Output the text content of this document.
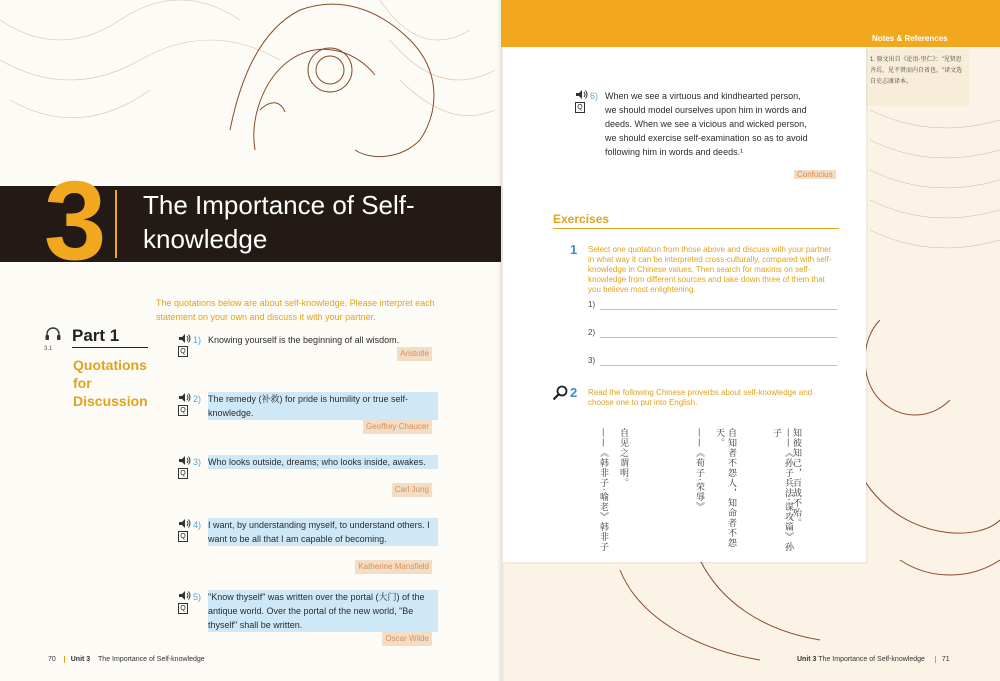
3 The Importance of Self-knowledge
The quotations below are about self-knowledge. Please interpret each statement on your own and discuss it with your partner.
3.1
Part 1
Quotations for Discussion
Q
1) Knowing yourself is the beginning of all wisdom.
Aristotle
Q
2) The remedy (补救) for pride is humility or true self-knowledge.
Geoffrey Chaucer
Q
3) Who looks outside, dreams; who looks inside, awakes.
Carl Jung
Q
4) I want, by understanding myself, to understand others. I want to be all that I am capable of becoming.
Katherine Mansfield
Q
5) "Know thyself" was written over the portal (大门) of the antique world. Over the portal of the new world, "Be thyself" shall be written.
Oscar Wilde
70 Unit 3 The Importance of Self-knowledge
Notes & References
1. 原文出自《论语·里仁》："见贤思齐焉，见不贤而内自省也。"译文选自史志康译本。
Q
6) When we see a virtuous and kindhearted person, we should model ourselves upon him in words and deeds. When we see a vicious and wicked person, we should exercise self-examination so as to avoid following him in words and deeds.¹
Confucius
Exercises
1 Select one quotation from those above and discuss with your partner in what way it can be interpreted cross-culturally, compared with self-knowledge in Chinese values. Then search for maxims on self-knowledge from different sources and take down three of them that you believe most enlightening.
1)
2)
3)
2 Read the following Chinese proverbs about self-knowledge and choose one to put into English.
知彼知己，百战不殆。
——《孙子兵法·谋攻篇》孙子
自知者不怨人，知命者不怨天。
——《荀子·荣辱》
自见之谓明。
——《韩非子·喻老》韩非子
Unit 3 The Importance of Self-knowledge 71
